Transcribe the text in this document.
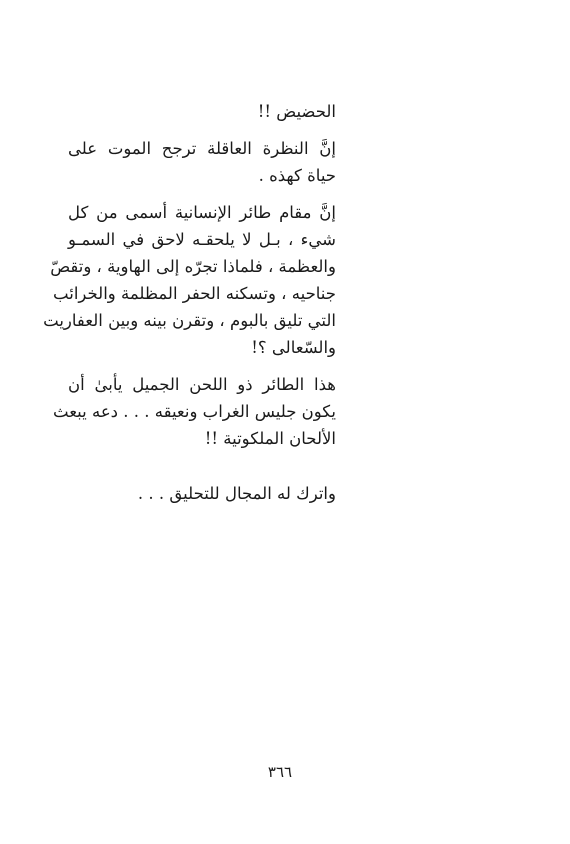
الحضيض !!
إنَّ النظرة العاقلة ترجح الموت على
حياة كهذه .
إنَّ مقام طائر الإنسانية أسمى من كل
شيء ، بـل لا يلحقـه لاحق في السمـو
والعظمة ، فلماذا تجرّه إلى الهاوية ، وتقصّ
جناحيه ، وتسكنه الحفر المظلمة والخرائب
التي تليق بالبوم ، وتقرن بينه وبين العفاريت
والسّعالى ؟!
هذا الطائر ذو اللحن الجميل يأبىٰ أن
يكون جليس الغراب ونعيقه . . . دعه يبعث
الألحان الملكوتية !!
واترك له المجال للتحليق . . .
٣٦٦
